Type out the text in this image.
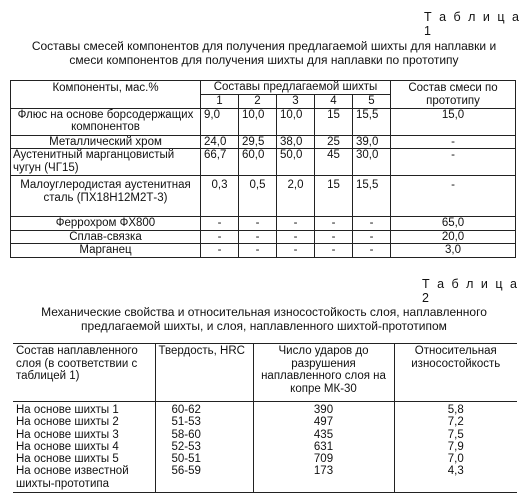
Т а б л и ц а 1
Составы смесей компонентов для получения предлагаемой шихты для наплавки и
смеси компонентов для получения шихты для наплавки по прототипу
Компоненты, мас.%	Составы предлагаемой шихты					Состав смеси по прототипу
	1	2	3	4	5	
Флюс на основе борсодержащих компонентов	9,0	10,0	10,0	15	15,5	15,0
Металлический хром	24,0	29,5	38,0	25	39,0	-
Аустенитный марганцовистый чугун (ЧГ15)	66,7	60,0	50,0	45	30,0	-
Малоуглеродистая аустенитная сталь (ПХ18Н12М2Т-3)	0,3	0,5	2,0	15	15,5	-
Феррохром ФХ800	-	-	-	-	-	65,0
Сплав-связка	-	-	-	-	-	20,0
Марганец	-	-	-	-	-	3,0
Т а б л и ц а 2
Механические свойства и относительная износостойкость слоя, наплавленного
предлагаемой шихты, и слоя, наплавленного шихтой-прототипом
Состав наплавленного слоя (в соответствии с таблицей 1)	Твердость, HRC	Число ударов до разрушения наплавленного слоя на копре МК-30	Относительная износостойкость
На основе шихты 1	60-62	390	5,8
На основе шихты 2	51-53	497	7,2
На основе шихты 3	58-60	435	7,5
На основе шихты 4	52-53	631	7,9
На основе шихты 5	50-51	709	7,0
На основе известной шихты-прототипа	56-59	173	4,3
